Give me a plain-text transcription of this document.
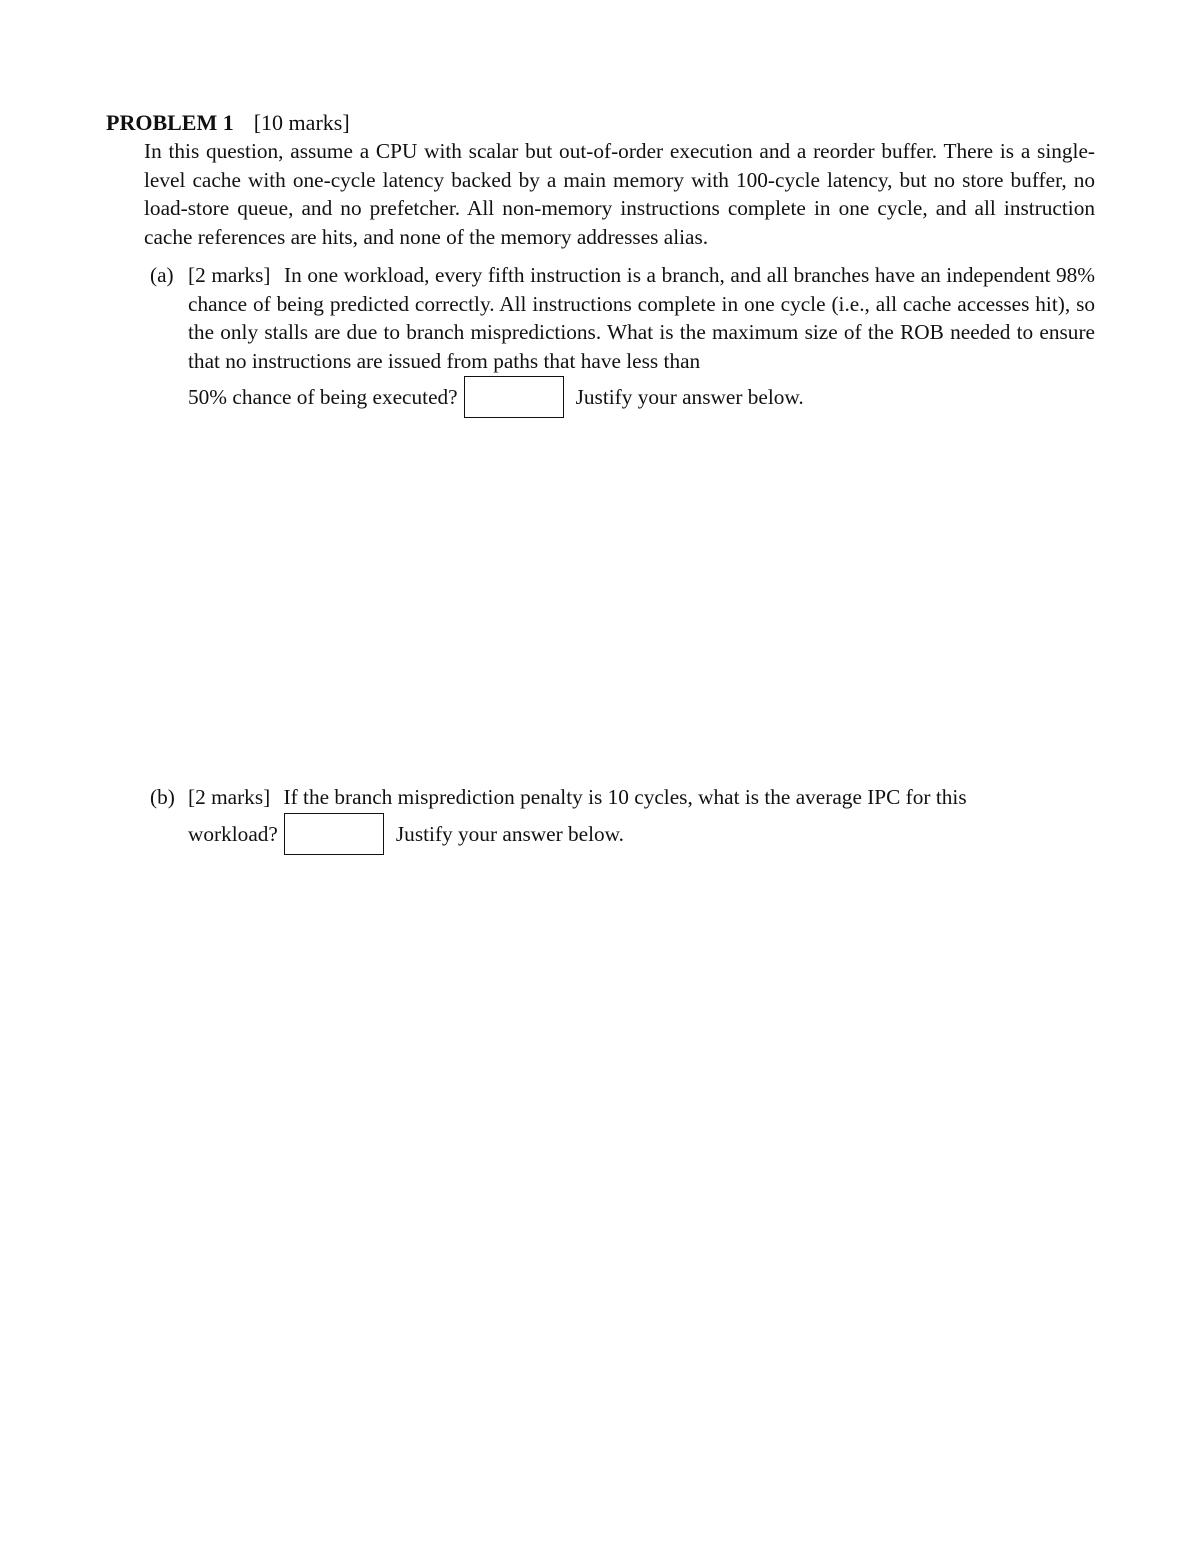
PROBLEM 1 [10 marks]
In this question, assume a CPU with scalar but out-of-order execution and a reorder buffer. There is a single-level cache with one-cycle latency backed by a main memory with 100-cycle latency, but no store buffer, no load-store queue, and no prefetcher. All non-memory instructions complete in one cycle, and all instruction cache references are hits, and none of the memory addresses alias.
(a) [2 marks] In one workload, every fifth instruction is a branch, and all branches have an independent 98% chance of being predicted correctly. All instructions complete in one cycle (i.e., all cache accesses hit), so the only stalls are due to branch mispredictions. What is the maximum size of the ROB needed to ensure that no instructions are issued from paths that have less than
50% chance of being executed?	Justify your answer below.
(b) [2 marks] If the branch misprediction penalty is 10 cycles, what is the average IPC for this
workload?	Justify your answer below.
